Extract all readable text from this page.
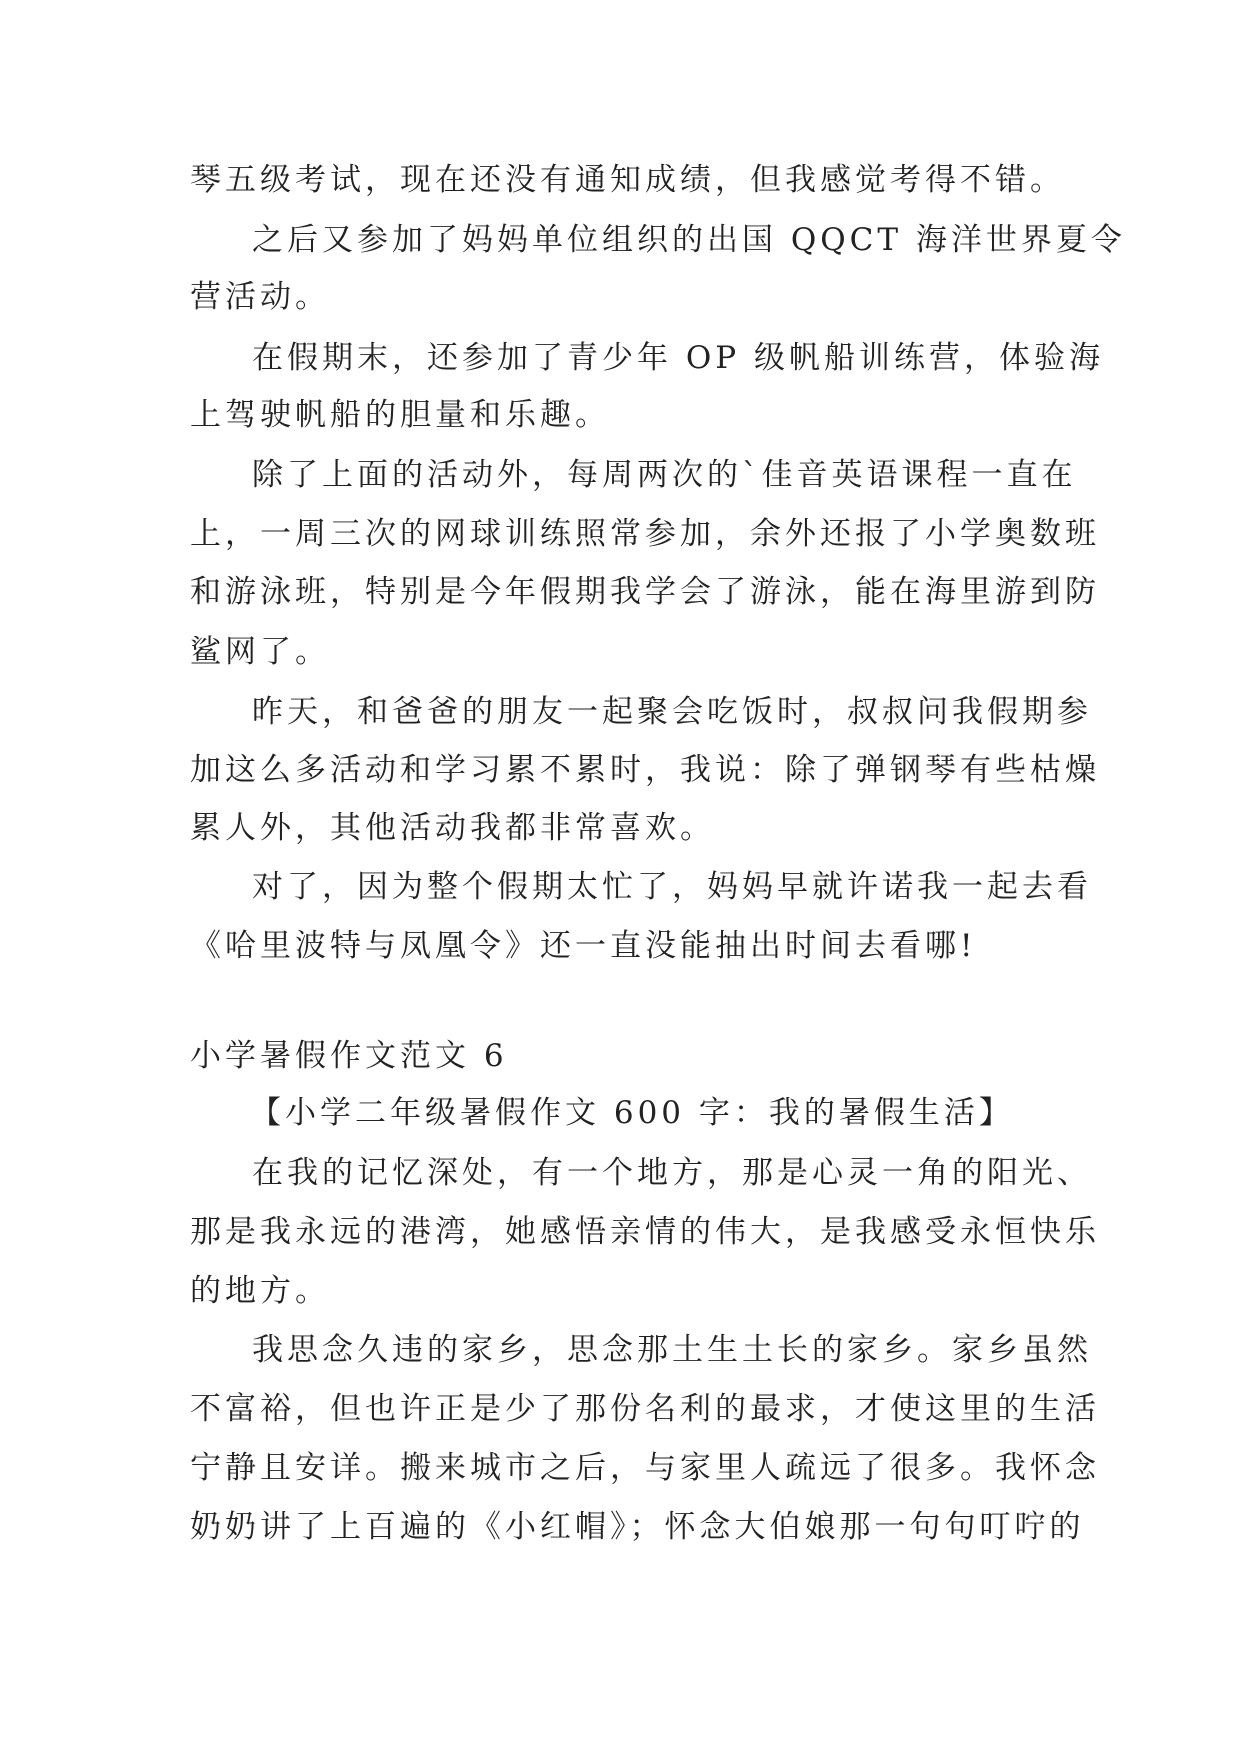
琴五级考试，现在还没有通知成绩，但我感觉考得不错。

之后又参加了妈妈单位组织的出国 QQCT 海洋世界夏令

营活动。

在假期末，还参加了青少年 OP 级帆船训练营，体验海

上驾驶帆船的胆量和乐趣。

除了上面的活动外，每周两次的`佳音英语课程一直在

上，一周三次的网球训练照常参加，余外还报了小学奥数班

和游泳班，特别是今年假期我学会了游泳，能在海里游到防

鲨网了。

昨天，和爸爸的朋友一起聚会吃饭时，叔叔问我假期参

加这么多活动和学习累不累时，我说：除了弹钢琴有些枯燥

累人外，其他活动我都非常喜欢。

对了，因为整个假期太忙了，妈妈早就许诺我一起去看

《哈里波特与凤凰令》还一直没能抽出时间去看哪!

小学暑假作文范文 6

【小学二年级暑假作文 600 字：我的暑假生活】

在我的记忆深处，有一个地方，那是心灵一角的阳光、

那是我永远的港湾，她感悟亲情的伟大，是我感受永恒快乐

的地方。

我思念久违的家乡，思念那土生土长的家乡。家乡虽然

不富裕，但也许正是少了那份名利的最求，才使这里的生活

宁静且安详。搬来城市之后，与家里人疏远了很多。我怀念

奶奶讲了上百遍的《小红帽》；怀念大伯娘那一句句叮咛的
